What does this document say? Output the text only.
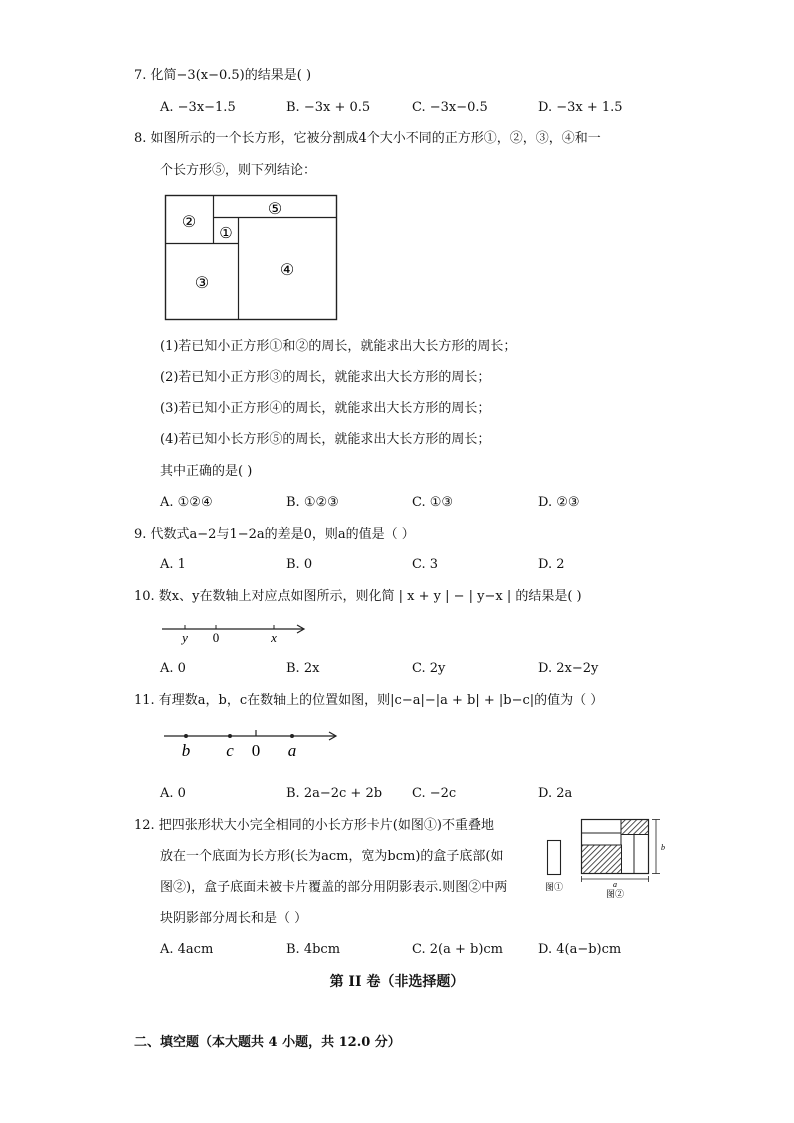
7. 化简−3(x−0.5)的结果是( )
A. −3x−1.5	B. −3x + 0.5	C. −3x−0.5	D. −3x + 1.5
8. 如图所示的一个长方形，它被分割成4个大小不同的正方形①，②，③，④和一
个长方形⑤，则下列结论：
②
⑤
①
③
④
(1)若已知小正方形①和②的周长，就能求出大长方形的周长；
(2)若已知小正方形③的周长，就能求出大长方形的周长；
(3)若已知小正方形④的周长，就能求出大长方形的周长；
(4)若已知小长方形⑤的周长，就能求出大长方形的周长；
其中正确的是( )
A. ①②④	B. ①②③	C. ①③	D. ②③
9. 代数式a−2与1−2a的差是0，则a的值是（ ）
A. 1	B. 0	C. 3	D. 2
10. 数x、y在数轴上对应点如图所示，则化简 | x + y | − | y−x | 的结果是( )
y 0	x
A. 0	B. 2x	C. 2y	D. 2x−2y
11. 有理数a，b，c在数轴上的位置如图，则|c−a|−|a + b| + |b−c|的值为（ ）
b c 0 a
A. 0	B. 2a−2c + 2b C. −2c	D. 2a
12. 把四张形状大小完全相同的小长方形卡片(如图①)不重叠地
放在一个底面为长方形(长为acm，宽为bcm)的盒子底部(如
图②)，盒子底面未被卡片覆盖的部分用阴影表示.则图②中两
块阴影部分周长和是（ ）
图①
b
a
图②
A. 4acm	B. 4bcm	C. 2(a + b)cm	D. 4(a−b)cm
第 II 卷（非选择题）
二、填空题（本大题共 4 小题，共 12.0 分）
